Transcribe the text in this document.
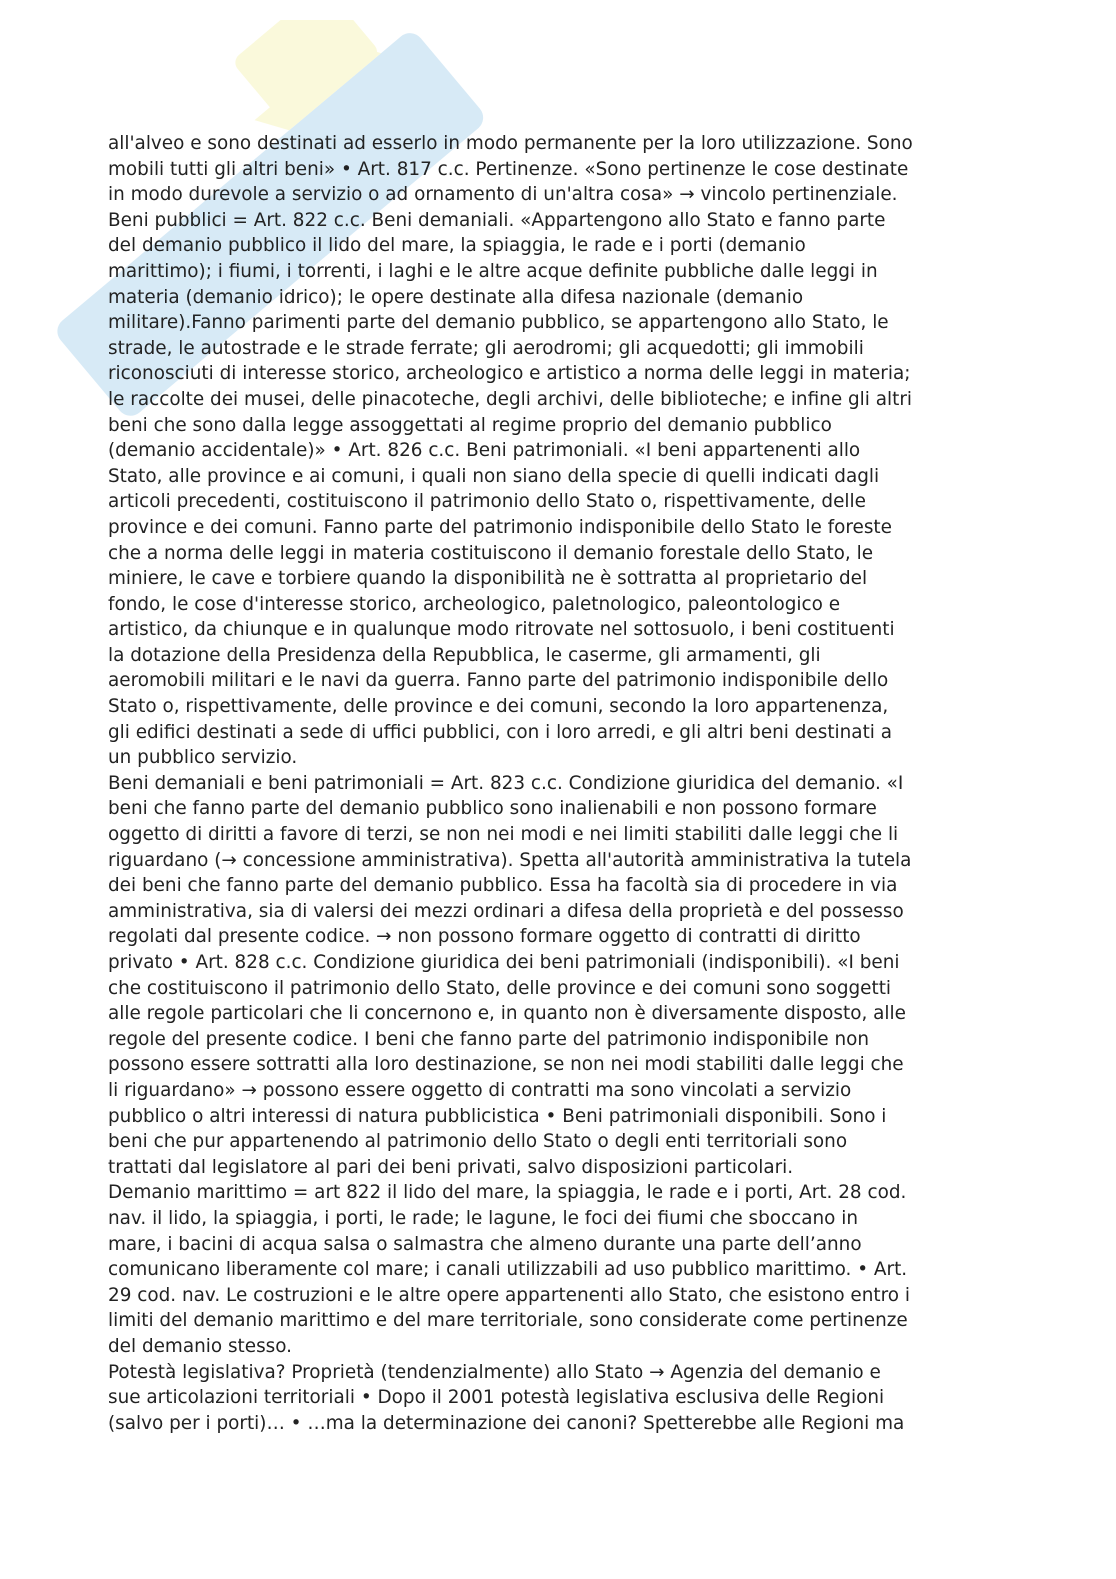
all'alveo e sono destinati ad esserlo in modo permanente per la loro utilizzazione. Sono
mobili tutti gli altri beni» • Art. 817 c.c. Pertinenze. «Sono pertinenze le cose destinate
in modo durevole a servizio o ad ornamento di un'altra cosa» → vincolo pertinenziale.
Beni pubblici = Art. 822 c.c. Beni demaniali. «Appartengono allo Stato e fanno parte
del demanio pubblico il lido del mare, la spiaggia, le rade e i porti (demanio
marittimo); i fiumi, i torrenti, i laghi e le altre acque definite pubbliche dalle leggi in
materia (demanio idrico); le opere destinate alla difesa nazionale (demanio
militare).Fanno parimenti parte del demanio pubblico, se appartengono allo Stato, le
strade, le autostrade e le strade ferrate; gli aerodromi; gli acquedotti; gli immobili
riconosciuti di interesse storico, archeologico e artistico a norma delle leggi in materia;
le raccolte dei musei, delle pinacoteche, degli archivi, delle biblioteche; e infine gli altri
beni che sono dalla legge assoggettati al regime proprio del demanio pubblico
(demanio accidentale)» • Art. 826 c.c. Beni patrimoniali. «I beni appartenenti allo
Stato, alle province e ai comuni, i quali non siano della specie di quelli indicati dagli
articoli precedenti, costituiscono il patrimonio dello Stato o, rispettivamente, delle
province e dei comuni. Fanno parte del patrimonio indisponibile dello Stato le foreste
che a norma delle leggi in materia costituiscono il demanio forestale dello Stato, le
miniere, le cave e torbiere quando la disponibilità ne è sottratta al proprietario del
fondo, le cose d'interesse storico, archeologico, paletnologico, paleontologico e
artistico, da chiunque e in qualunque modo ritrovate nel sottosuolo, i beni costituenti
la dotazione della Presidenza della Repubblica, le caserme, gli armamenti, gli
aeromobili militari e le navi da guerra. Fanno parte del patrimonio indisponibile dello
Stato o, rispettivamente, delle province e dei comuni, secondo la loro appartenenza,
gli edifici destinati a sede di uffici pubblici, con i loro arredi, e gli altri beni destinati a
un pubblico servizio.
Beni demaniali e beni patrimoniali = Art. 823 c.c. Condizione giuridica del demanio. «I
beni che fanno parte del demanio pubblico sono inalienabili e non possono formare
oggetto di diritti a favore di terzi, se non nei modi e nei limiti stabiliti dalle leggi che li
riguardano (→ concessione amministrativa). Spetta all'autorità amministrativa la tutela
dei beni che fanno parte del demanio pubblico. Essa ha facoltà sia di procedere in via
amministrativa, sia di valersi dei mezzi ordinari a difesa della proprietà e del possesso
regolati dal presente codice. → non possono formare oggetto di contratti di diritto
privato • Art. 828 c.c. Condizione giuridica dei beni patrimoniali (indisponibili). «I beni
che costituiscono il patrimonio dello Stato, delle province e dei comuni sono soggetti
alle regole particolari che li concernono e, in quanto non è diversamente disposto, alle
regole del presente codice. I beni che fanno parte del patrimonio indisponibile non
possono essere sottratti alla loro destinazione, se non nei modi stabiliti dalle leggi che
li riguardano» → possono essere oggetto di contratti ma sono vincolati a servizio
pubblico o altri interessi di natura pubblicistica • Beni patrimoniali disponibili. Sono i
beni che pur appartenendo al patrimonio dello Stato o degli enti territoriali sono
trattati dal legislatore al pari dei beni privati, salvo disposizioni particolari.
Demanio marittimo = art 822 il lido del mare, la spiaggia, le rade e i porti, Art. 28 cod.
nav. il lido, la spiaggia, i porti, le rade; le lagune, le foci dei fiumi che sboccano in
mare, i bacini di acqua salsa o salmastra che almeno durante una parte dell’anno
comunicano liberamente col mare; i canali utilizzabili ad uso pubblico marittimo. • Art.
29 cod. nav. Le costruzioni e le altre opere appartenenti allo Stato, che esistono entro i
limiti del demanio marittimo e del mare territoriale, sono considerate come pertinenze
del demanio stesso.
Potestà legislativa? Proprietà (tendenzialmente) allo Stato → Agenzia del demanio e
sue articolazioni territoriali • Dopo il 2001 potestà legislativa esclusiva delle Regioni
(salvo per i porti)… • …ma la determinazione dei canoni? Spetterebbe alle Regioni ma
